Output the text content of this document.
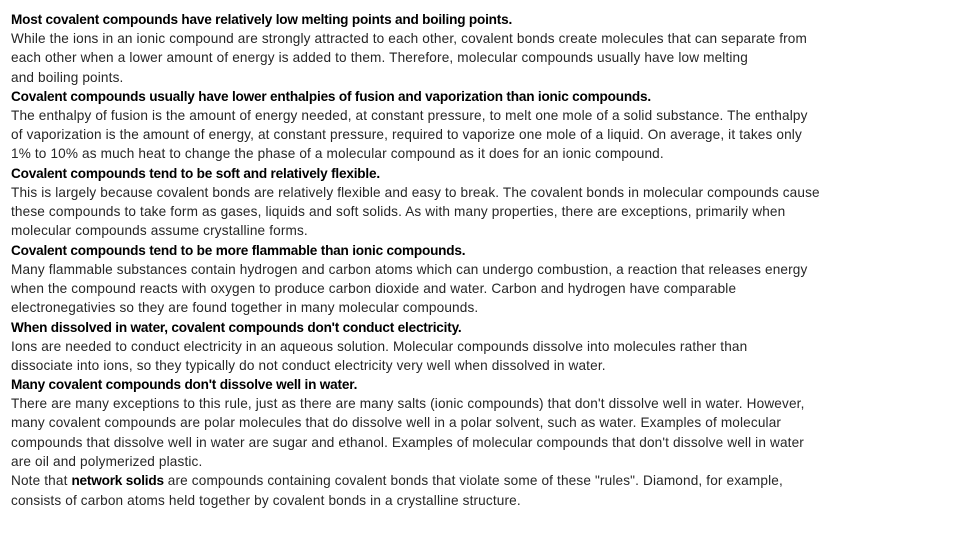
Most covalent compounds have relatively low melting points and boiling points.

While the ions in an ionic compound are strongly attracted to each other, covalent bonds create molecules that can separate from
each other when a lower amount of energy is added to them. Therefore, molecular compounds usually have low melting
and boiling points.

Covalent compounds usually have lower enthalpies of fusion and vaporization than ionic compounds.

The enthalpy of fusion is the amount of energy needed, at constant pressure, to melt one mole of a solid substance. The enthalpy
of vaporization is the amount of energy, at constant pressure, required to vaporize one mole of a liquid. On average, it takes only
1% to 10% as much heat to change the phase of a molecular compound as it does for an ionic compound.

Covalent compounds tend to be soft and relatively flexible.

This is largely because covalent bonds are relatively flexible and easy to break. The covalent bonds in molecular compounds cause
these compounds to take form as gases, liquids and soft solids. As with many properties, there are exceptions, primarily when
molecular compounds assume crystalline forms.

Covalent compounds tend to be more flammable than ionic compounds.

Many flammable substances contain hydrogen and carbon atoms which can undergo combustion, a reaction that releases energy
when the compound reacts with oxygen to produce carbon dioxide and water. Carbon and hydrogen have comparable
electronegativies so they are found together in many molecular compounds.

When dissolved in water, covalent compounds don't conduct electricity.

Ions are needed to conduct electricity in an aqueous solution. Molecular compounds dissolve into molecules rather than
dissociate into ions, so they typically do not conduct electricity very well when dissolved in water.

Many covalent compounds don't dissolve well in water.

There are many exceptions to this rule, just as there are many salts (ionic compounds) that don't dissolve well in water. However,
many covalent compounds are polar molecules that do dissolve well in a polar solvent, such as water. Examples of molecular
compounds that dissolve well in water are sugar and ethanol. Examples of molecular compounds that don't dissolve well in water
are oil and polymerized plastic.

Note that network solids are compounds containing covalent bonds that violate some of these "rules". Diamond, for example,
consists of carbon atoms held together by covalent bonds in a crystalline structure.
